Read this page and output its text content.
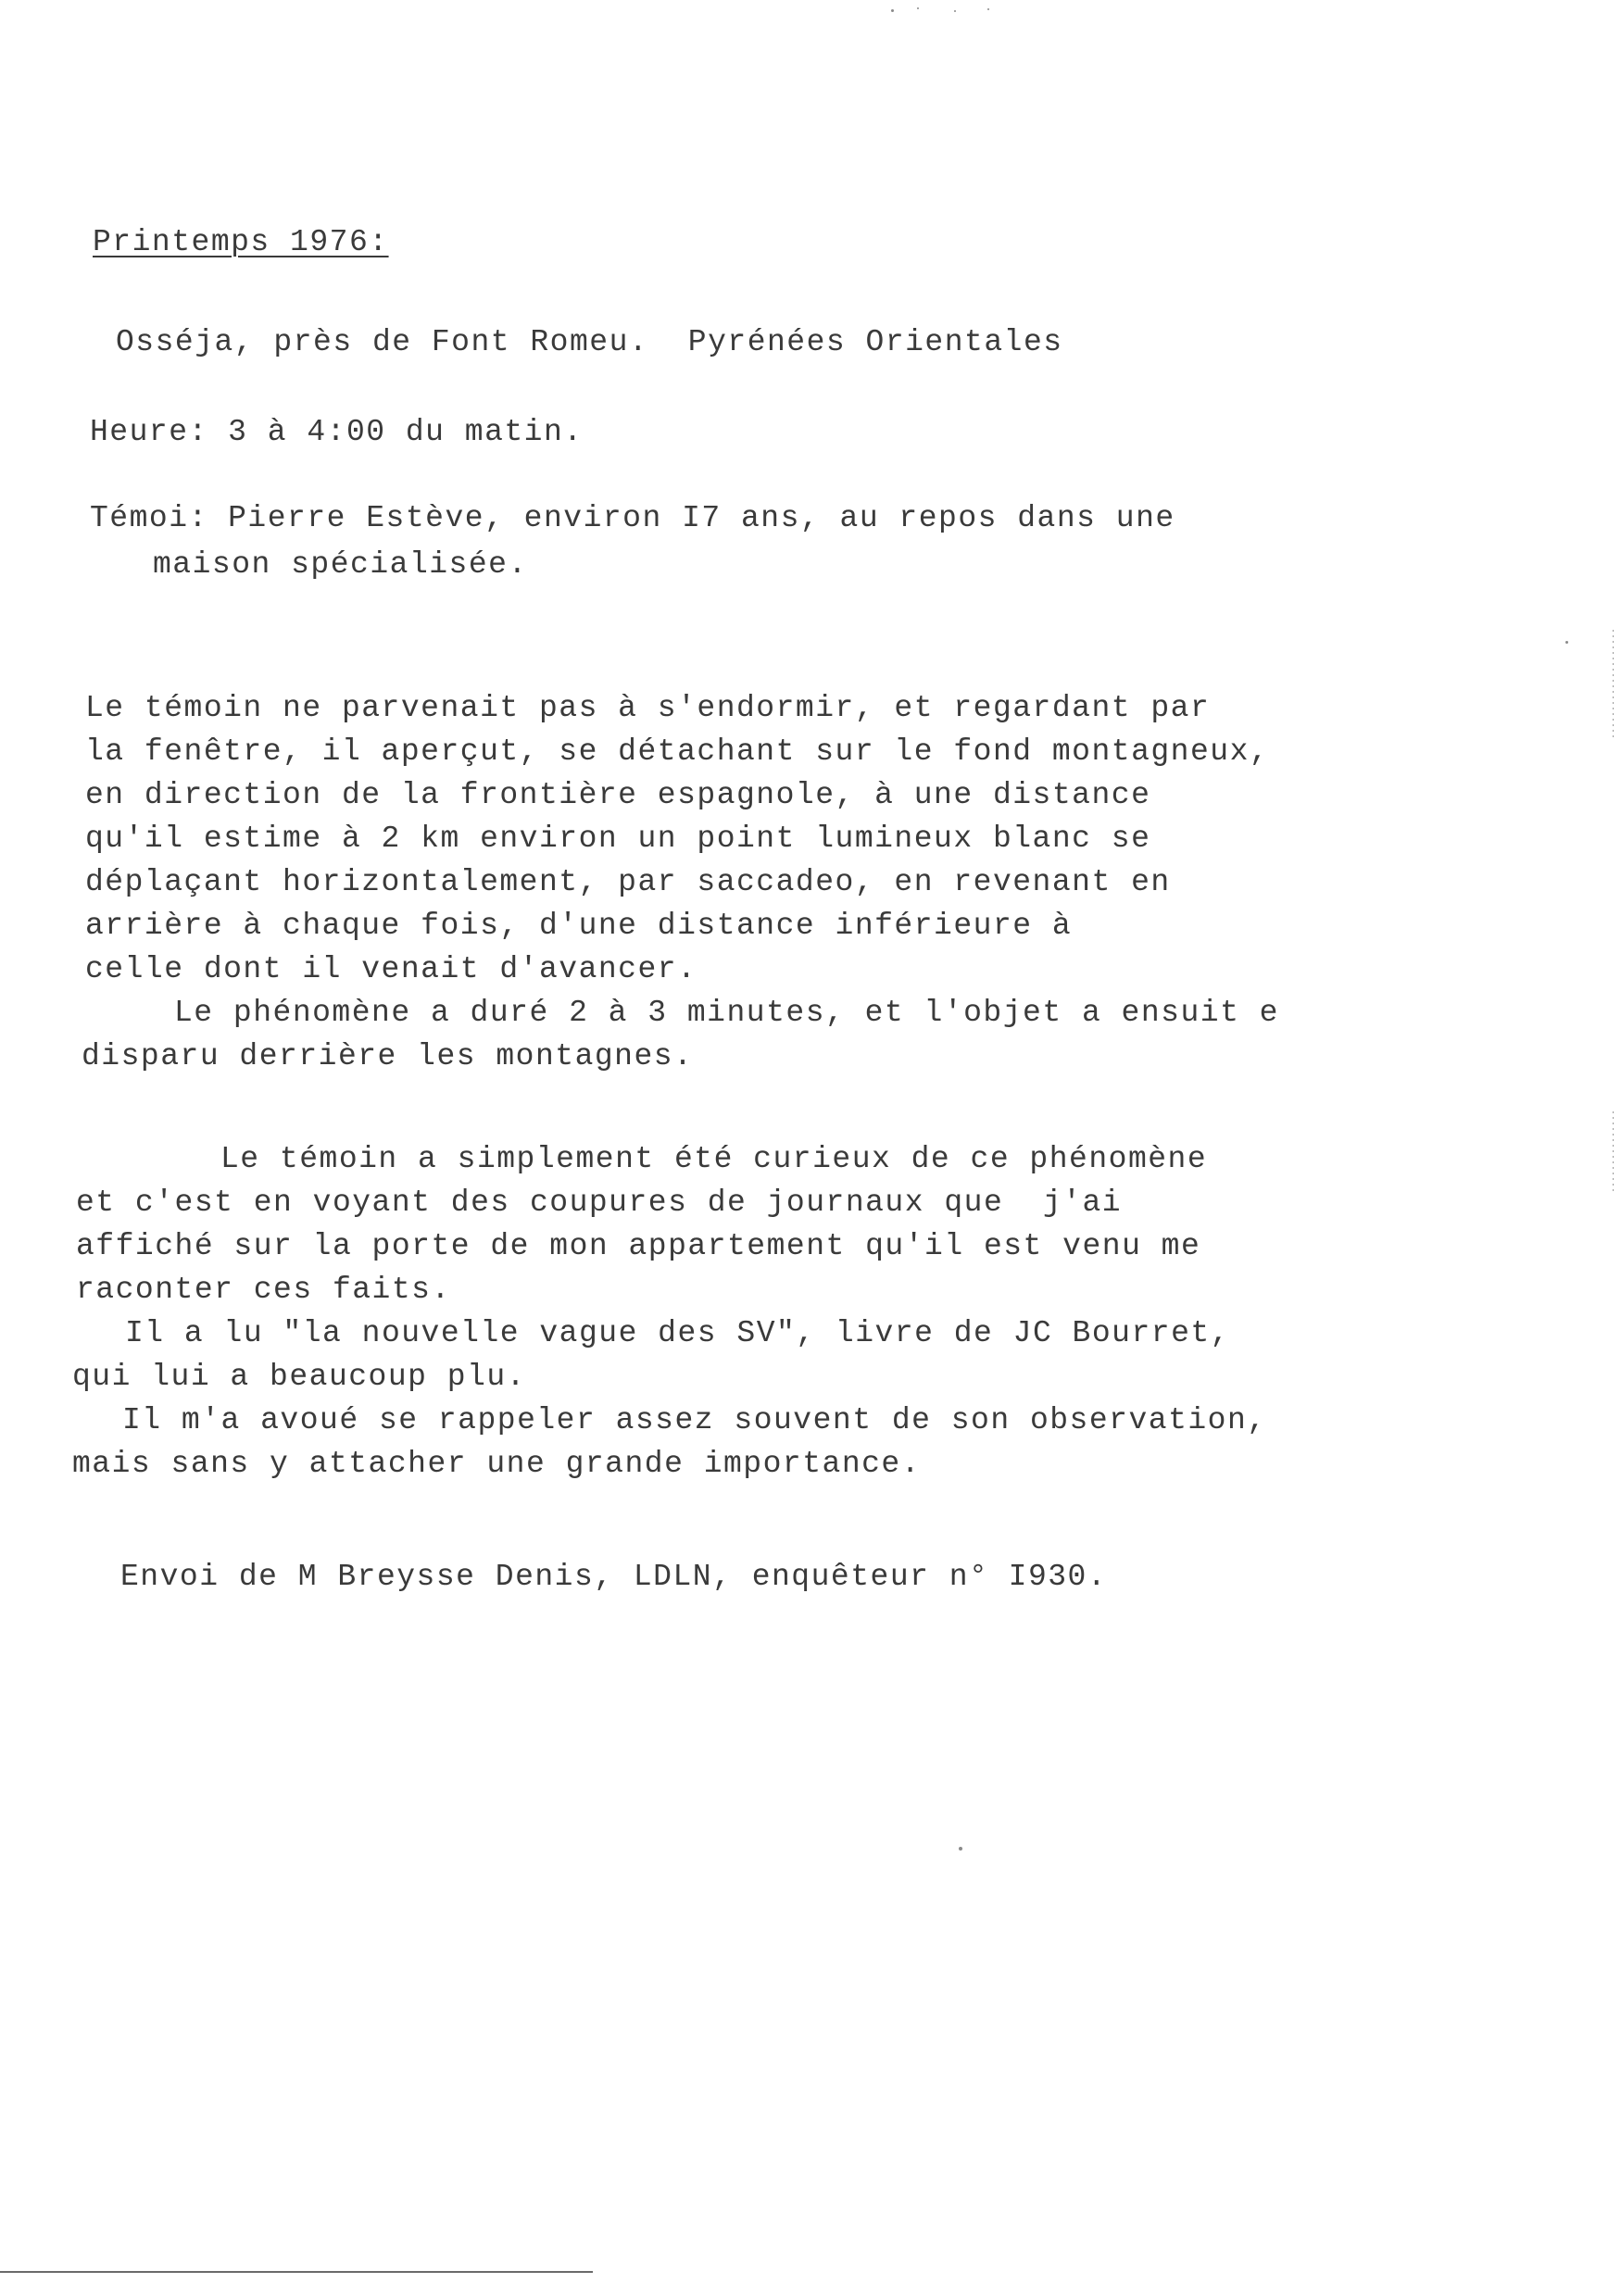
Printemps 1976:
Osséja, près de Font Romeu.  Pyrénées Orientales
Heure: 3 à 4:00 du matin.
Témoi: Pierre Estève, environ I7 ans, au repos dans une
maison spécialisée.
Le témoin ne parvenait pas à s'endormir, et regardant par
la fenêtre, il aperçut, se détachant sur le fond montagneux,
en direction de la frontière espagnole, à une distance
qu'il estime à 2 km environ un point lumineux blanc se
déplaçant horizontalement, par saccadeo, en revenant en
arrière à chaque fois, d'une distance inférieure à
celle dont il venait d'avancer.
Le phénomène a duré 2 à 3 minutes, et l'objet a ensuit e
disparu derrière les montagnes.
Le témoin a simplement été curieux de ce phénomène
et c'est en voyant des coupures de journaux que  j'ai
affiché sur la porte de mon appartement qu'il est venu me
raconter ces faits.
Il a lu "la nouvelle vague des SV", livre de JC Bourret,
qui lui a beaucoup plu.
Il m'a avoué se rappeler assez souvent de son observation,
mais sans y attacher une grande importance.
Envoi de M Breysse Denis, LDLN, enquêteur n° I930.
